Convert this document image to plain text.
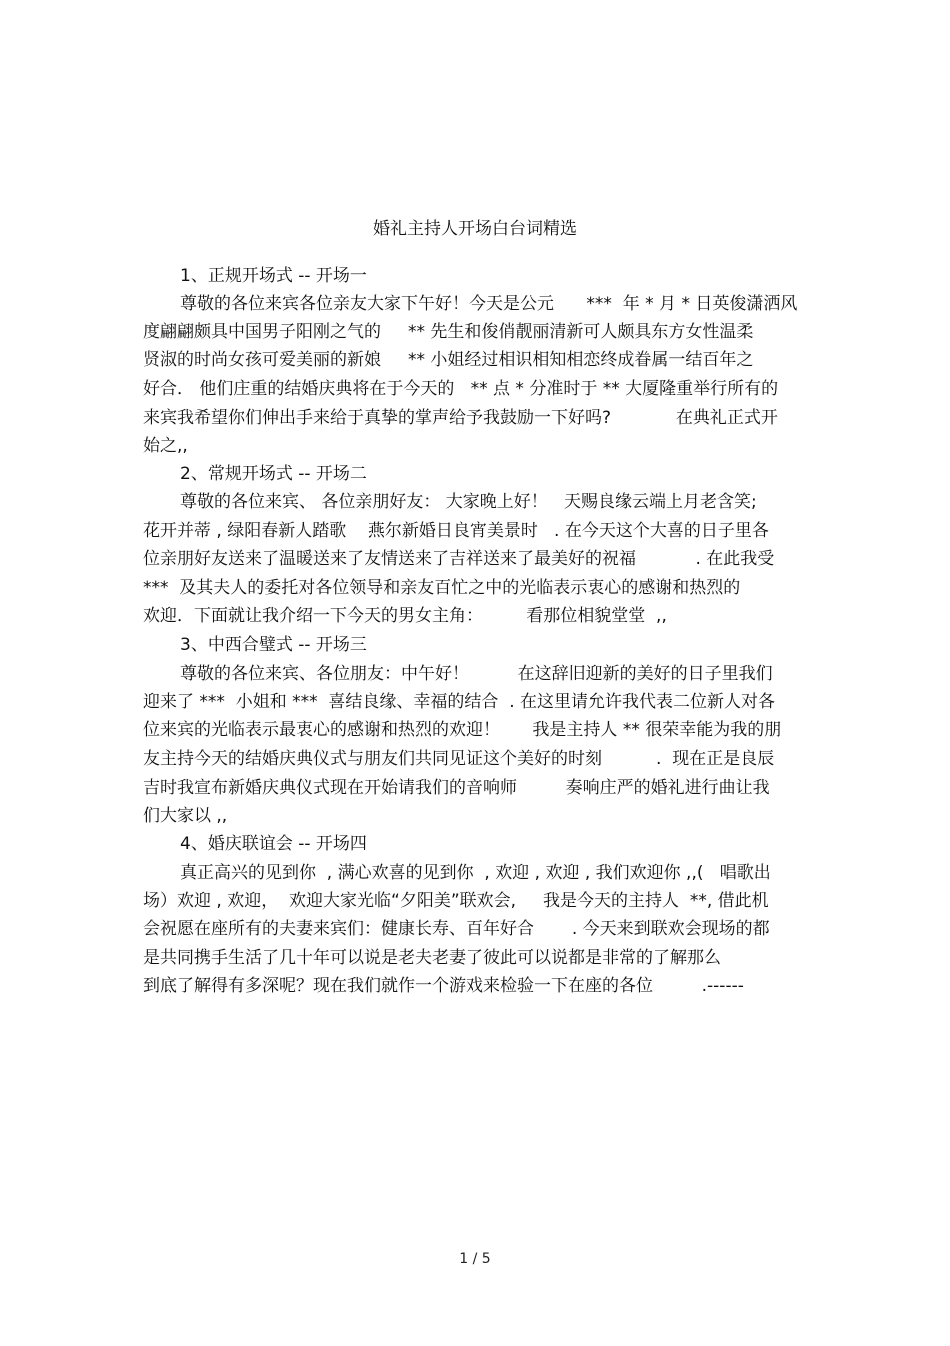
婚礼主持人开场白台词精选
1、正规开场式 -- 开场一
尊敬的各位来宾各位亲友大家下午好！今天是公元      ***  年 * 月 * 日英俊潇洒风
度翩翩颇具中国男子阳刚之气的     ** 先生和俊俏靓丽清新可人颇具东方女性温柔
贤淑的时尚女孩可爱美丽的新娘     ** 小姐经过相识相知相恋终成眷属一结百年之
好合． 他们庄重的结婚庆典将在于今天的   ** 点 * 分准时于 ** 大厦隆重举行所有的
来宾我希望你们伸出手来给于真挚的掌声给予我鼓励一下好吗?            在典礼正式开
始之,,
2、常规开场式 -- 开场二
尊敬的各位来宾、 各位亲朋好友： 大家晚上好！   天赐良缘云端上月老含笑;
花开并蒂 , 绿阳春新人踏歌    燕尔新婚日良宵美景时   . 在今天这个大喜的日子里各
位亲朋好友送来了温暖送来了友情送来了吉祥送来了最美好的祝福           . 在此我受
***  及其夫人的委托对各位领导和亲友百忙之中的光临表示衷心的感谢和热烈的
欢迎．下面就让我介绍一下今天的男女主角：        看那位相貌堂堂  ,,
3、中西合璧式 -- 开场三
尊敬的各位来宾、各位朋友：中午好！         在这辞旧迎新的美好的日子里我们
迎来了 ***  小姐和 ***  喜结良缘、幸福的结合  . 在这里请允许我代表二位新人对各
位来宾的光临表示最衷心的感谢和热烈的欢迎！      我是主持人 ** 很荣幸能为我的朋
友主持今天的结婚庆典仪式与朋友们共同见证这个美好的时刻          .  现在正是良辰
吉时我宣布新婚庆典仪式现在开始请我们的音响师         奏响庄严的婚礼进行曲让我
们大家以 ,,
4、婚庆联谊会 -- 开场四
真正高兴的见到你  , 满心欢喜的见到你  , 欢迎 , 欢迎 , 我们欢迎你 ,,(   唱歌出
场）欢迎 , 欢迎，  欢迎大家光临“夕阳美”联欢会,     我是今天的主持人  **, 借此机
会祝愿在座所有的夫妻来宾们：健康长寿、百年好合       . 今天来到联欢会现场的都
是共同携手生活了几十年可以说是老夫老妻了彼此可以说都是非常的了解那么
到底了解得有多深呢？现在我们就作一个游戏来检验一下在座的各位         .------
1 / 5
